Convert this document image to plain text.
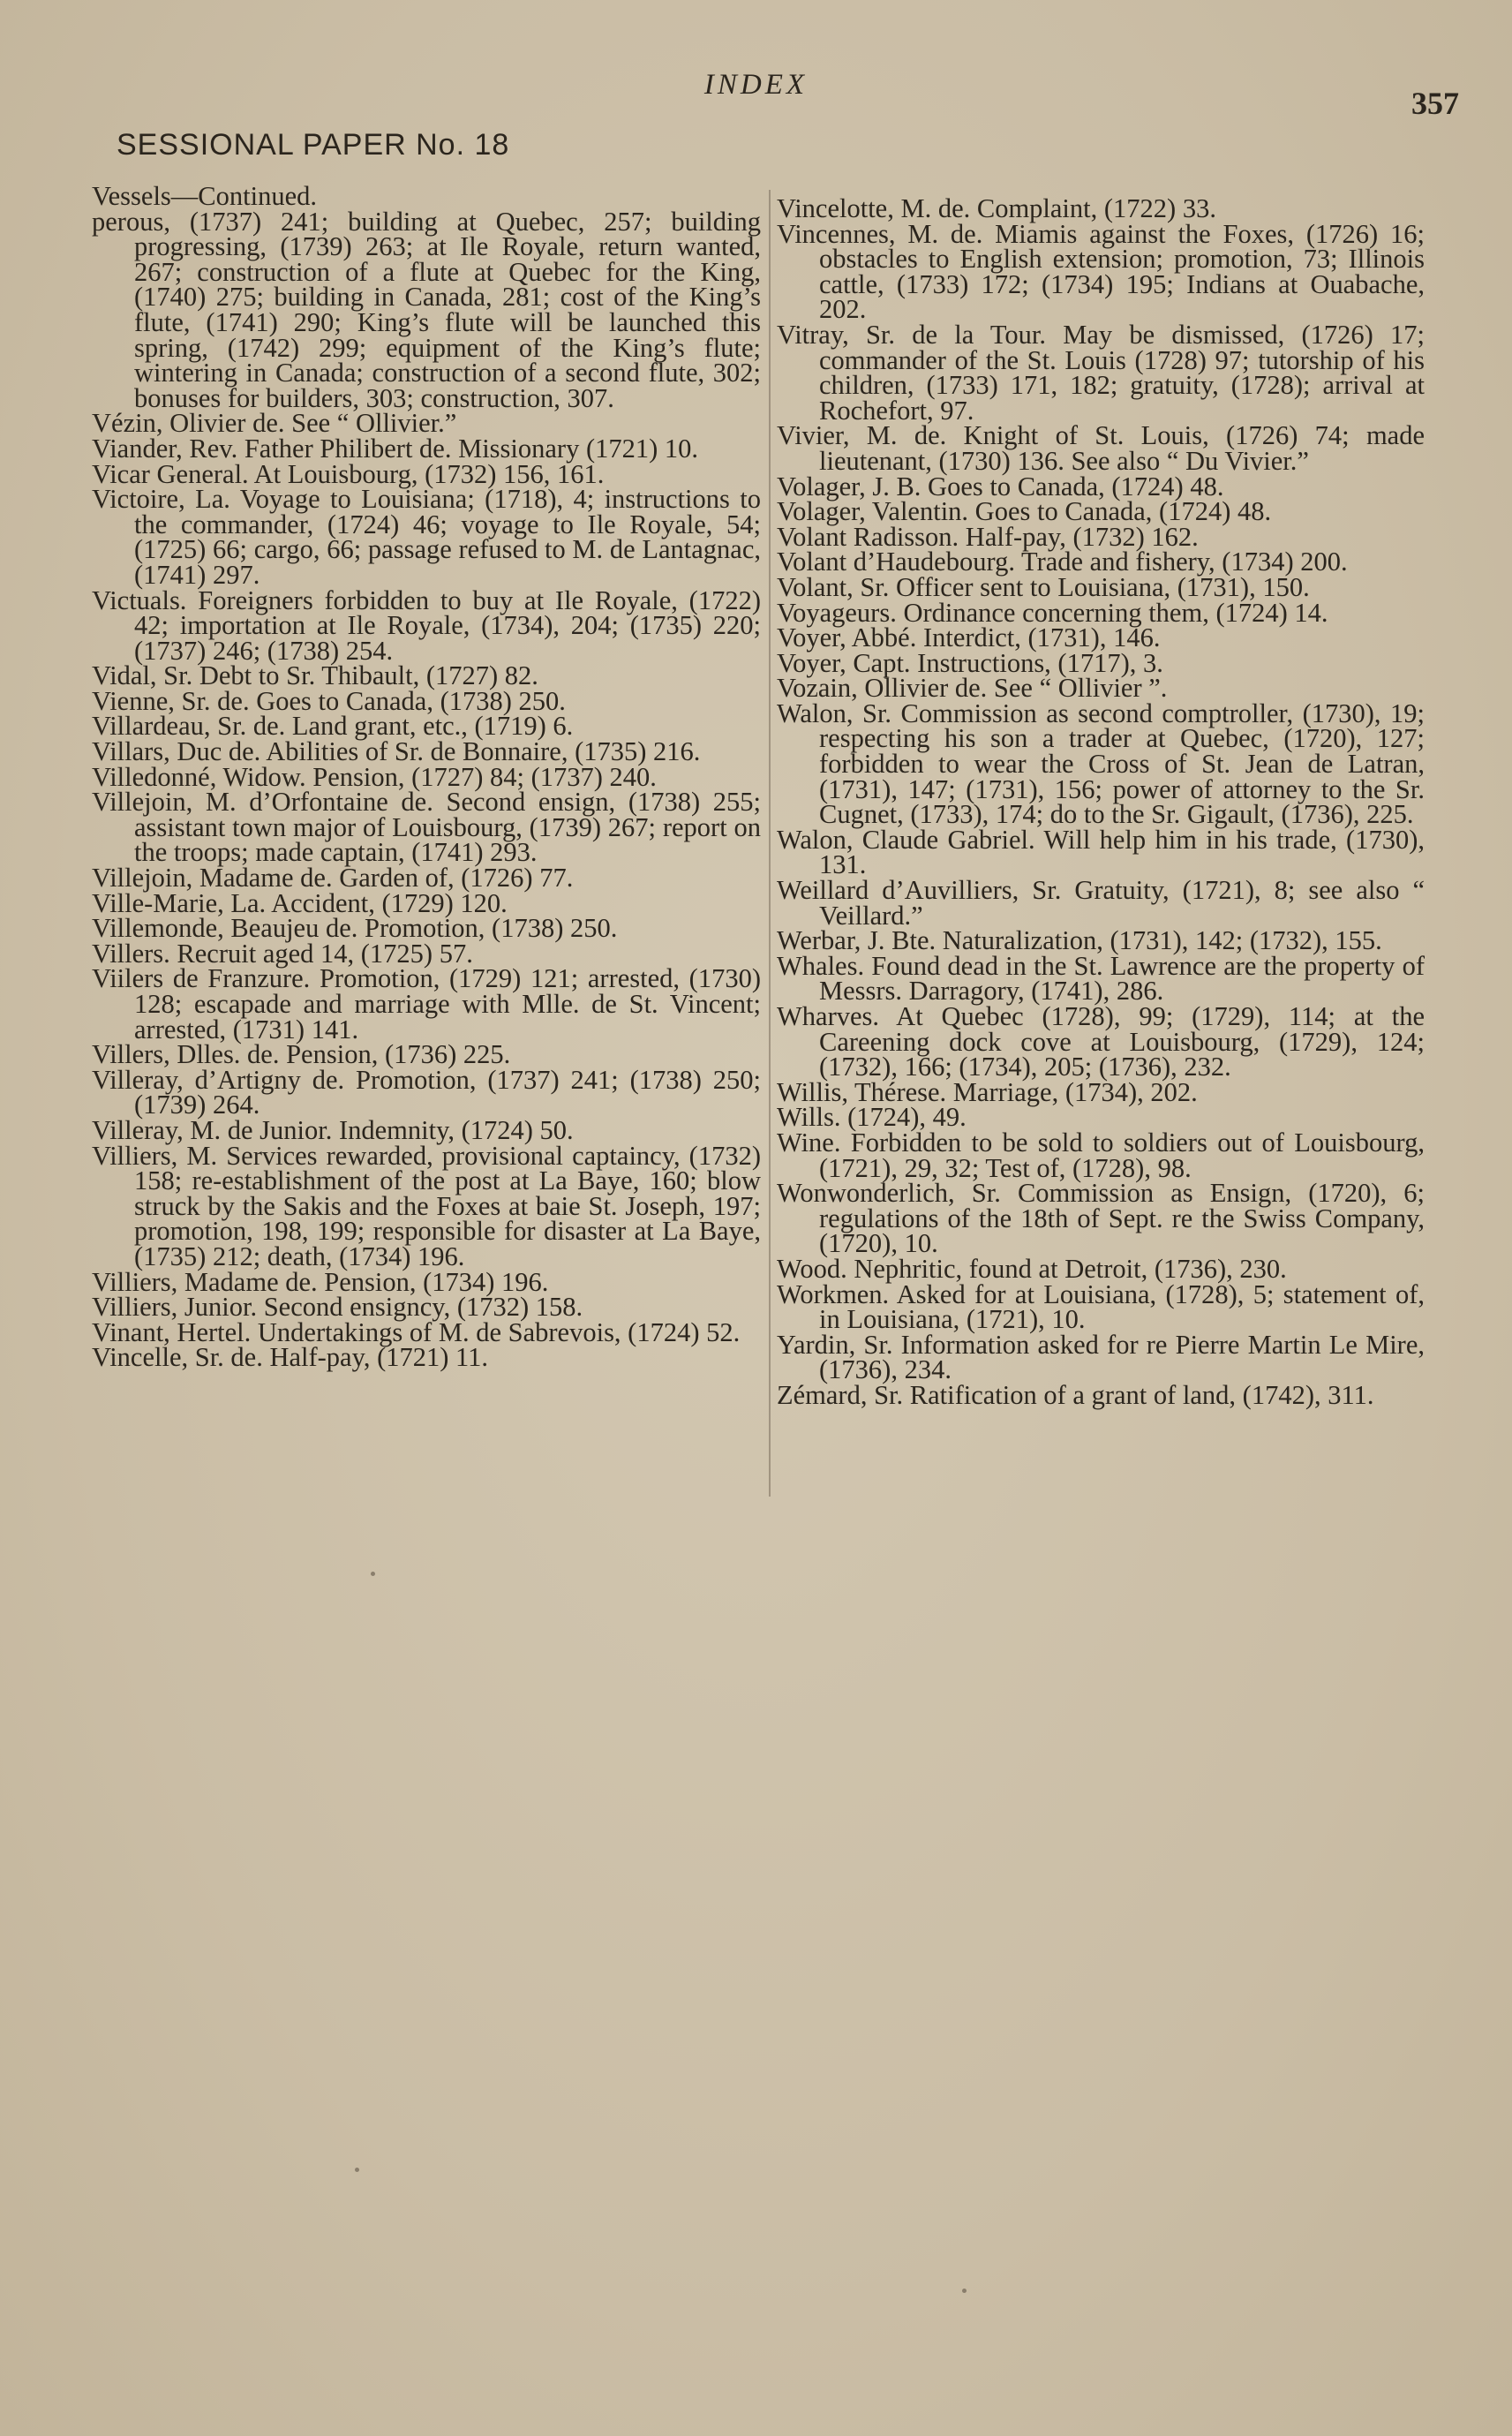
INDEX
357
SESSIONAL PAPER No. 18

Vessels—Continued.

perous, (1737) 241; building at Quebec, 257; building progressing, (1739) 263; at Ile Royale, return wanted, 267; construction of a flute at Quebec for the King, (1740) 275; building in Canada, 281; cost of the King’s flute, (1741) 290; King’s flute will be launched this spring, (1742) 299; equipment of the King’s flute; wintering in Canada; construction of a second flute, 302; bonuses for builders, 303; construction, 307.

Vézin, Olivier de. See “ Ollivier.”

Viander, Rev. Father Philibert de. Missionary (1721) 10.

Vicar General. At Louisbourg, (1732) 156, 161.

Victoire, La. Voyage to Louisiana; (1718), 4; instructions to the commander, (1724) 46; voyage to Ile Royale, 54; (1725) 66; cargo, 66; passage refused to M. de Lantagnac, (1741) 297.

Victuals. Foreigners forbidden to buy at Ile Royale, (1722) 42; importation at Ile Royale, (1734), 204; (1735) 220; (1737) 246; (1738) 254.

Vidal, Sr. Debt to Sr. Thibault, (1727) 82.

Vienne, Sr. de. Goes to Canada, (1738) 250.

Villardeau, Sr. de. Land grant, etc., (1719) 6.

Villars, Duc de. Abilities of Sr. de Bonnaire, (1735) 216.

Villedonné, Widow. Pension, (1727) 84; (1737) 240.

Villejoin, M. d’Orfontaine de. Second ensign, (1738) 255; assistant town major of Louisbourg, (1739) 267; report on the troops; made captain, (1741) 293.

Villejoin, Madame de. Garden of, (1726) 77.

Ville-Marie, La. Accident, (1729) 120.

Villemonde, Beaujeu de. Promotion, (1738) 250.

Villers. Recruit aged 14, (1725) 57.

Viilers de Franzure. Promotion, (1729) 121; arrested, (1730) 128; escapade and marriage with Mlle. de St. Vincent; arrested, (1731) 141.

Villers, Dlles. de. Pension, (1736) 225.

Villeray, d’Artigny de. Promotion, (1737) 241; (1738) 250; (1739) 264.

Villeray, M. de Junior. Indemnity, (1724) 50.

Villiers, M. Services rewarded, provisional captaincy, (1732) 158; re-establishment of the post at La Baye, 160; blow struck by the Sakis and the Foxes at baie St. Joseph, 197; promotion, 198, 199; responsible for disaster at La Baye, (1735) 212; death, (1734) 196.

Villiers, Madame de. Pension, (1734) 196.

Villiers, Junior. Second ensigncy, (1732) 158.

Vinant, Hertel. Undertakings of M. de Sabrevois, (1724) 52.

Vincelle, Sr. de. Half-pay, (1721) 11.

Vincelotte, M. de. Complaint, (1722) 33.

Vincennes, M. de. Miamis against the Foxes, (1726) 16; obstacles to English extension; promotion, 73; Illinois cattle, (1733) 172; (1734) 195; Indians at Ouabache, 202.

Vitray, Sr. de la Tour. May be dismissed, (1726) 17; commander of the St. Louis (1728) 97; tutorship of his children, (1733) 171, 182; gratuity, (1728); arrival at Rochefort, 97.

Vivier, M. de. Knight of St. Louis, (1726) 74; made lieutenant, (1730) 136. See also “ Du Vivier.”

Volager, J. B. Goes to Canada, (1724) 48.

Volager, Valentin. Goes to Canada, (1724) 48.

Volant Radisson. Half-pay, (1732) 162.

Volant d’Haudebourg. Trade and fishery, (1734) 200.

Volant, Sr. Officer sent to Louisiana, (1731), 150.

Voyageurs. Ordinance concerning them, (1724) 14.

Voyer, Abbé. Interdict, (1731), 146.

Voyer, Capt. Instructions, (1717), 3.

Vozain, Ollivier de. See “ Ollivier ”.

Walon, Sr. Commission as second comptroller, (1730), 19; respecting his son a trader at Quebec, (1720), 127; forbidden to wear the Cross of St. Jean de Latran, (1731), 147; (1731), 156; power of attorney to the Sr. Cugnet, (1733), 174; do to the Sr. Gigault, (1736), 225.

Walon, Claude Gabriel. Will help him in his trade, (1730), 131.

Weillard d’Auvilliers, Sr. Gratuity, (1721), 8; see also “ Veillard.”

Werbar, J. Bte. Naturalization, (1731), 142; (1732), 155.

Whales. Found dead in the St. Lawrence are the property of Messrs. Darragory, (1741), 286.

Wharves. At Quebec (1728), 99; (1729), 114; at the Careening dock cove at Louisbourg, (1729), 124; (1732), 166; (1734), 205; (1736), 232.

Willis, Thérese. Marriage, (1734), 202.

Wills. (1724), 49.

Wine. Forbidden to be sold to soldiers out of Louisbourg, (1721), 29, 32; Test of, (1728), 98.

Wonwonderlich, Sr. Commission as Ensign, (1720), 6; regulations of the 18th of Sept. re the Swiss Company, (1720), 10.

Wood. Nephritic, found at Detroit, (1736), 230.

Workmen. Asked for at Louisiana, (1728), 5; statement of, in Louisiana, (1721), 10.

Yardin, Sr. Information asked for re Pierre Martin Le Mire, (1736), 234.

Zémard, Sr. Ratification of a grant of land, (1742), 311.
